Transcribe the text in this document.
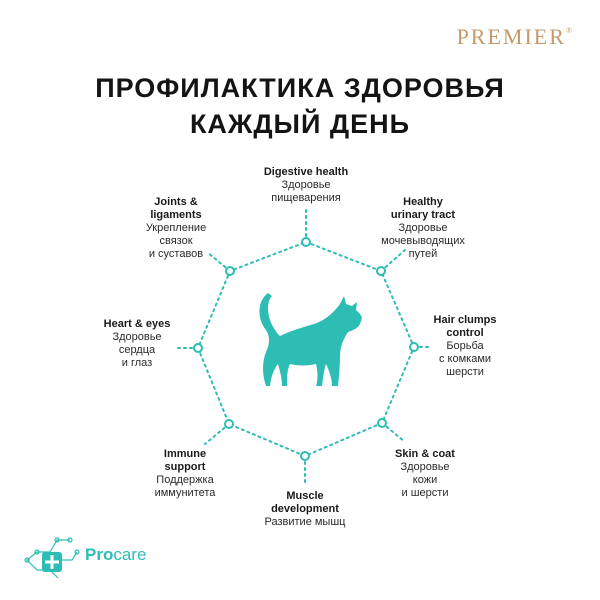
PREMIER®
ПРОФИЛАКТИКА ЗДОРОВЬЯ
КАЖДЫЙ ДЕНЬ
Digestive health
Здоровье
пищеварения	Healthy
urinary tract
Здоровье
мочевыводящих
путей
Hair clumps
control
Борьба
с комками
шерсти
Skin & coat
Здоровье
кожи
и шерсти
Muscle
development
Развитие мышц
Immune
support
Поддержка
иммунитета
Heart & eyes
Здоровье
сердца
и глаз
Joints &
ligaments
Укрепление
связок
и суставов
Procare
